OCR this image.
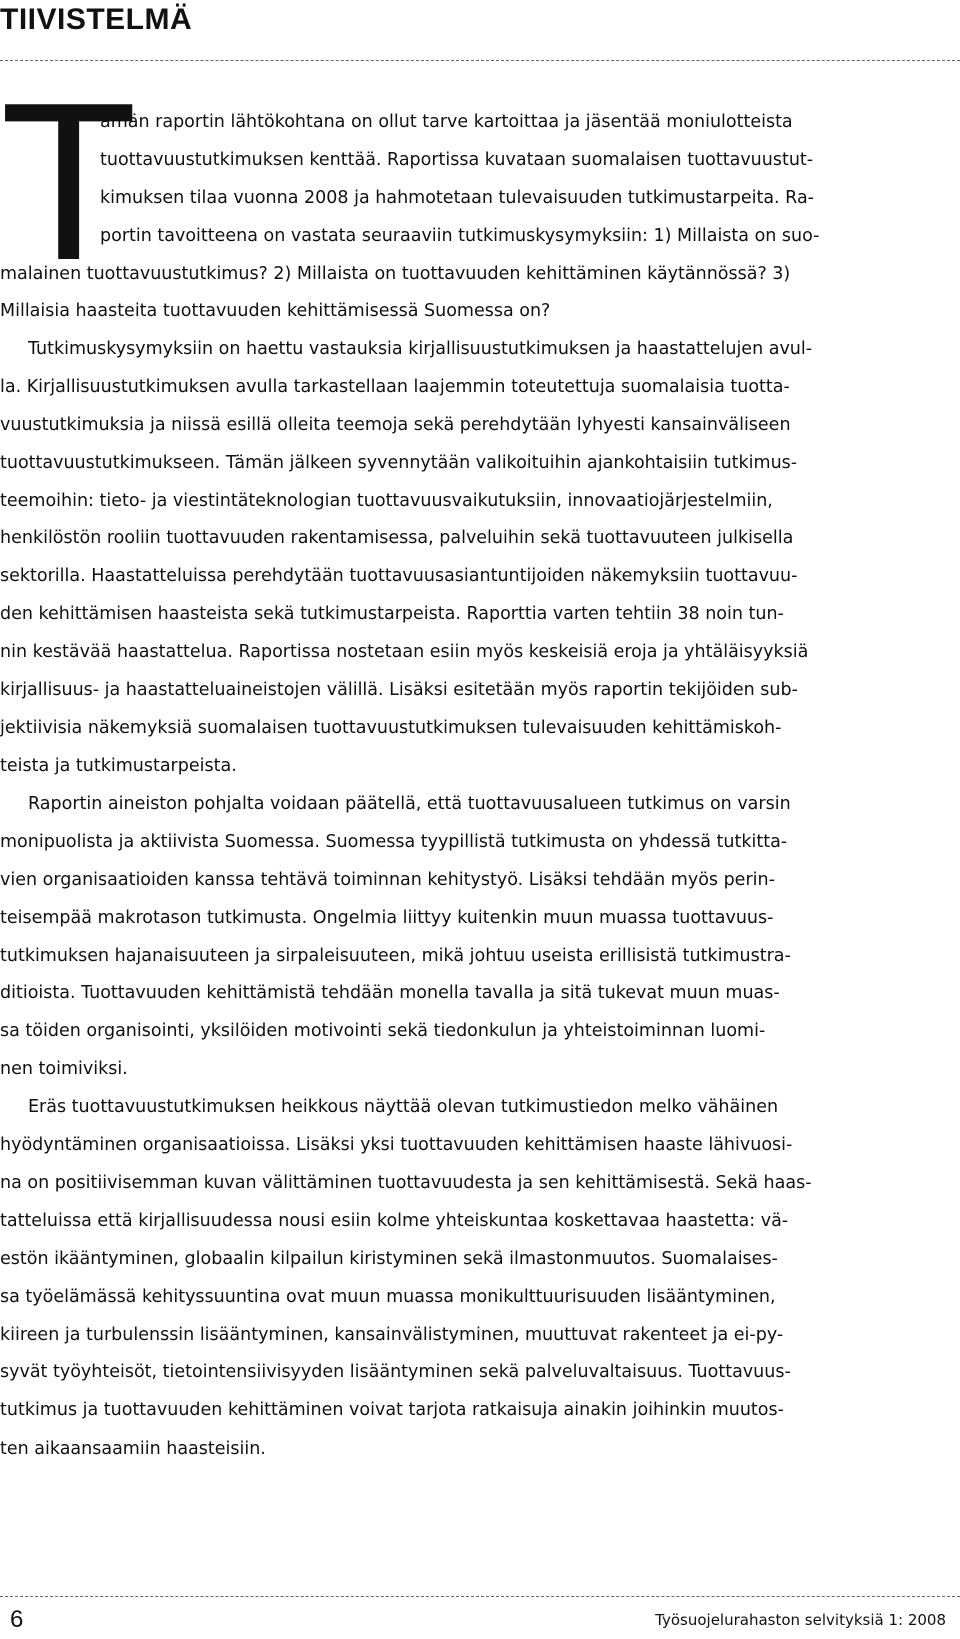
TIIVISTELMÄ
T
ämän raportin lähtökohtana on ollut tarve kartoittaa ja jäsentää moniulotteista
tuottavuustutkimuksen kenttää. Raportissa kuvataan suomalaisen tuottavuustut-
kimuksen tilaa vuonna 2008 ja hahmotetaan tulevaisuuden tutkimustarpeita. Ra-
portin tavoitteena on vastata seuraaviin tutkimuskysymyksiin: 1) Millaista on suo-
malainen tuottavuustutkimus? 2) Millaista on tuottavuuden kehittäminen käytännössä? 3)
Millaisia haasteita tuottavuuden kehittämisessä Suomessa on?
Tutkimuskysymyksiin on haettu vastauksia kirjallisuustutkimuksen ja haastattelujen avul-
la. Kirjallisuustutkimuksen avulla tarkastellaan laajemmin toteutettuja suomalaisia tuotta-
vuustutkimuksia ja niissä esillä olleita teemoja sekä perehdytään lyhyesti kansainväliseen
tuottavuustutkimukseen. Tämän jälkeen syvennytään valikoituihin ajankohtaisiin tutkimus-
teemoihin: tieto- ja viestintäteknologian tuottavuusvaikutuksiin, innovaatiojärjestelmiin,
henkilöstön rooliin tuottavuuden rakentamisessa, palveluihin sekä tuottavuuteen julkisella
sektorilla. Haastatteluissa perehdytään tuottavuusasiantuntijoiden näkemyksiin tuottavuu-
den kehittämisen haasteista sekä tutkimustarpeista. Raporttia varten tehtiin 38 noin tun-
nin kestävää haastattelua. Raportissa nostetaan esiin myös keskeisiä eroja ja yhtäläisyyksiä
kirjallisuus- ja haastatteluaineistojen välillä. Lisäksi esitetään myös raportin tekijöiden sub-
jektiivisia näkemyksiä suomalaisen tuottavuustutkimuksen tulevaisuuden kehittämiskoh-
teista ja tutkimustarpeista.
Raportin aineiston pohjalta voidaan päätellä, että tuottavuusalueen tutkimus on varsin
monipuolista ja aktiivista Suomessa. Suomessa tyypillistä tutkimusta on yhdessä tutkitta-
vien organisaatioiden kanssa tehtävä toiminnan kehitystyö. Lisäksi tehdään myös perin-
teisempää makrotason tutkimusta. Ongelmia liittyy kuitenkin muun muassa tuottavuus-
tutkimuksen hajanaisuuteen ja sirpaleisuuteen, mikä johtuu useista erillisistä tutkimustra-
ditioista. Tuottavuuden kehittämistä tehdään monella tavalla ja sitä tukevat muun muas-
sa töiden organisointi, yksilöiden motivointi sekä tiedonkulun ja yhteistoiminnan luomi-
nen toimiviksi.
Eräs tuottavuustutkimuksen heikkous näyttää olevan tutkimustiedon melko vähäinen
hyödyntäminen organisaatioissa. Lisäksi yksi tuottavuuden kehittämisen haaste lähivuosi-
na on positiivisemman kuvan välittäminen tuottavuudesta ja sen kehittämisestä. Sekä haas-
tatteluissa että kirjallisuudessa nousi esiin kolme yhteiskuntaa koskettavaa haastetta: vä-
estön ikääntyminen, globaalin kilpailun kiristyminen sekä ilmastonmuutos. Suomalaises-
sa työelämässä kehityssuuntina ovat muun muassa monikulttuurisuuden lisääntyminen,
kiireen ja turbulenssin lisääntyminen, kansainvälistyminen, muuttuvat rakenteet ja ei-py-
syvät työyhteisöt, tietointensiivisyyden lisääntyminen sekä palveluvaltaisuus. Tuottavuus-
tutkimus ja tuottavuuden kehittäminen voivat tarjota ratkaisuja ainakin joihinkin muutos-
ten aikaansaamiin haasteisiin.
6	Työsuojelurahaston selvityksiä 1: 2008
